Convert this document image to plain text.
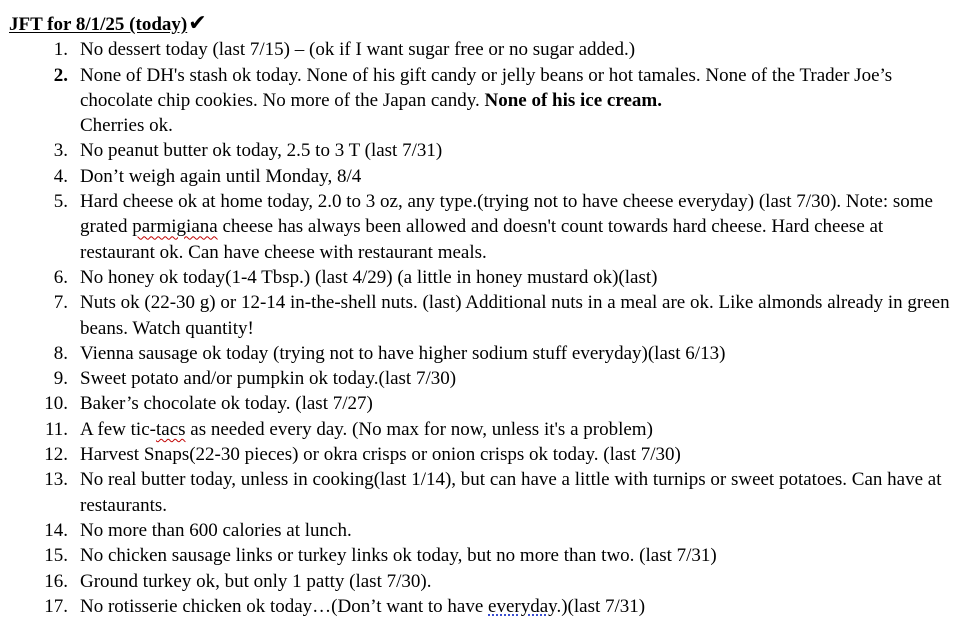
JFT for 8/1/25 (today)✔

1. No dessert today (last 7/15) – (ok if I want sugar free or no sugar added.)
2. None of DH's stash ok today. None of his gift candy or jelly beans or hot tamales. None of the Trader Joe’s chocolate chip cookies. No more of the Japan candy. None of his ice cream.
Cherries ok.
3. No peanut butter ok today, 2.5 to 3 T (last 7/31)
4. Don’t weigh again until Monday, 8/4
5. Hard cheese ok at home today, 2.0 to 3 oz, any type.(trying not to have cheese everyday) (last 7/30). Note: some grated parmigiana cheese has always been allowed and doesn't count towards hard cheese. Hard cheese at restaurant ok. Can have cheese with restaurant meals.
6. No honey ok today(1-4 Tbsp.) (last 4/29) (a little in honey mustard ok)(last)
7. Nuts ok (22-30 g) or 12-14 in-the-shell nuts. (last) Additional nuts in a meal are ok. Like almonds already in green beans. Watch quantity!
8. Vienna sausage ok today (trying not to have higher sodium stuff everyday)(last 6/13)
9. Sweet potato and/or pumpkin ok today.(last 7/30)
10. Baker’s chocolate ok today. (last 7/27)
11. A few tic-tacs as needed every day. (No max for now, unless it's a problem)
12. Harvest Snaps(22-30 pieces) or okra crisps or onion crisps ok today. (last 7/30)
13. No real butter today, unless in cooking(last 1/14), but can have a little with turnips or sweet potatoes. Can have at restaurants.
14. No more than 600 calories at lunch.
15. No chicken sausage links or turkey links ok today, but no more than two. (last 7/31)
16. Ground turkey ok, but only 1 patty (last 7/30).
17. No rotisserie chicken ok today…(Don’t want to have everyday.)(last 7/31)
